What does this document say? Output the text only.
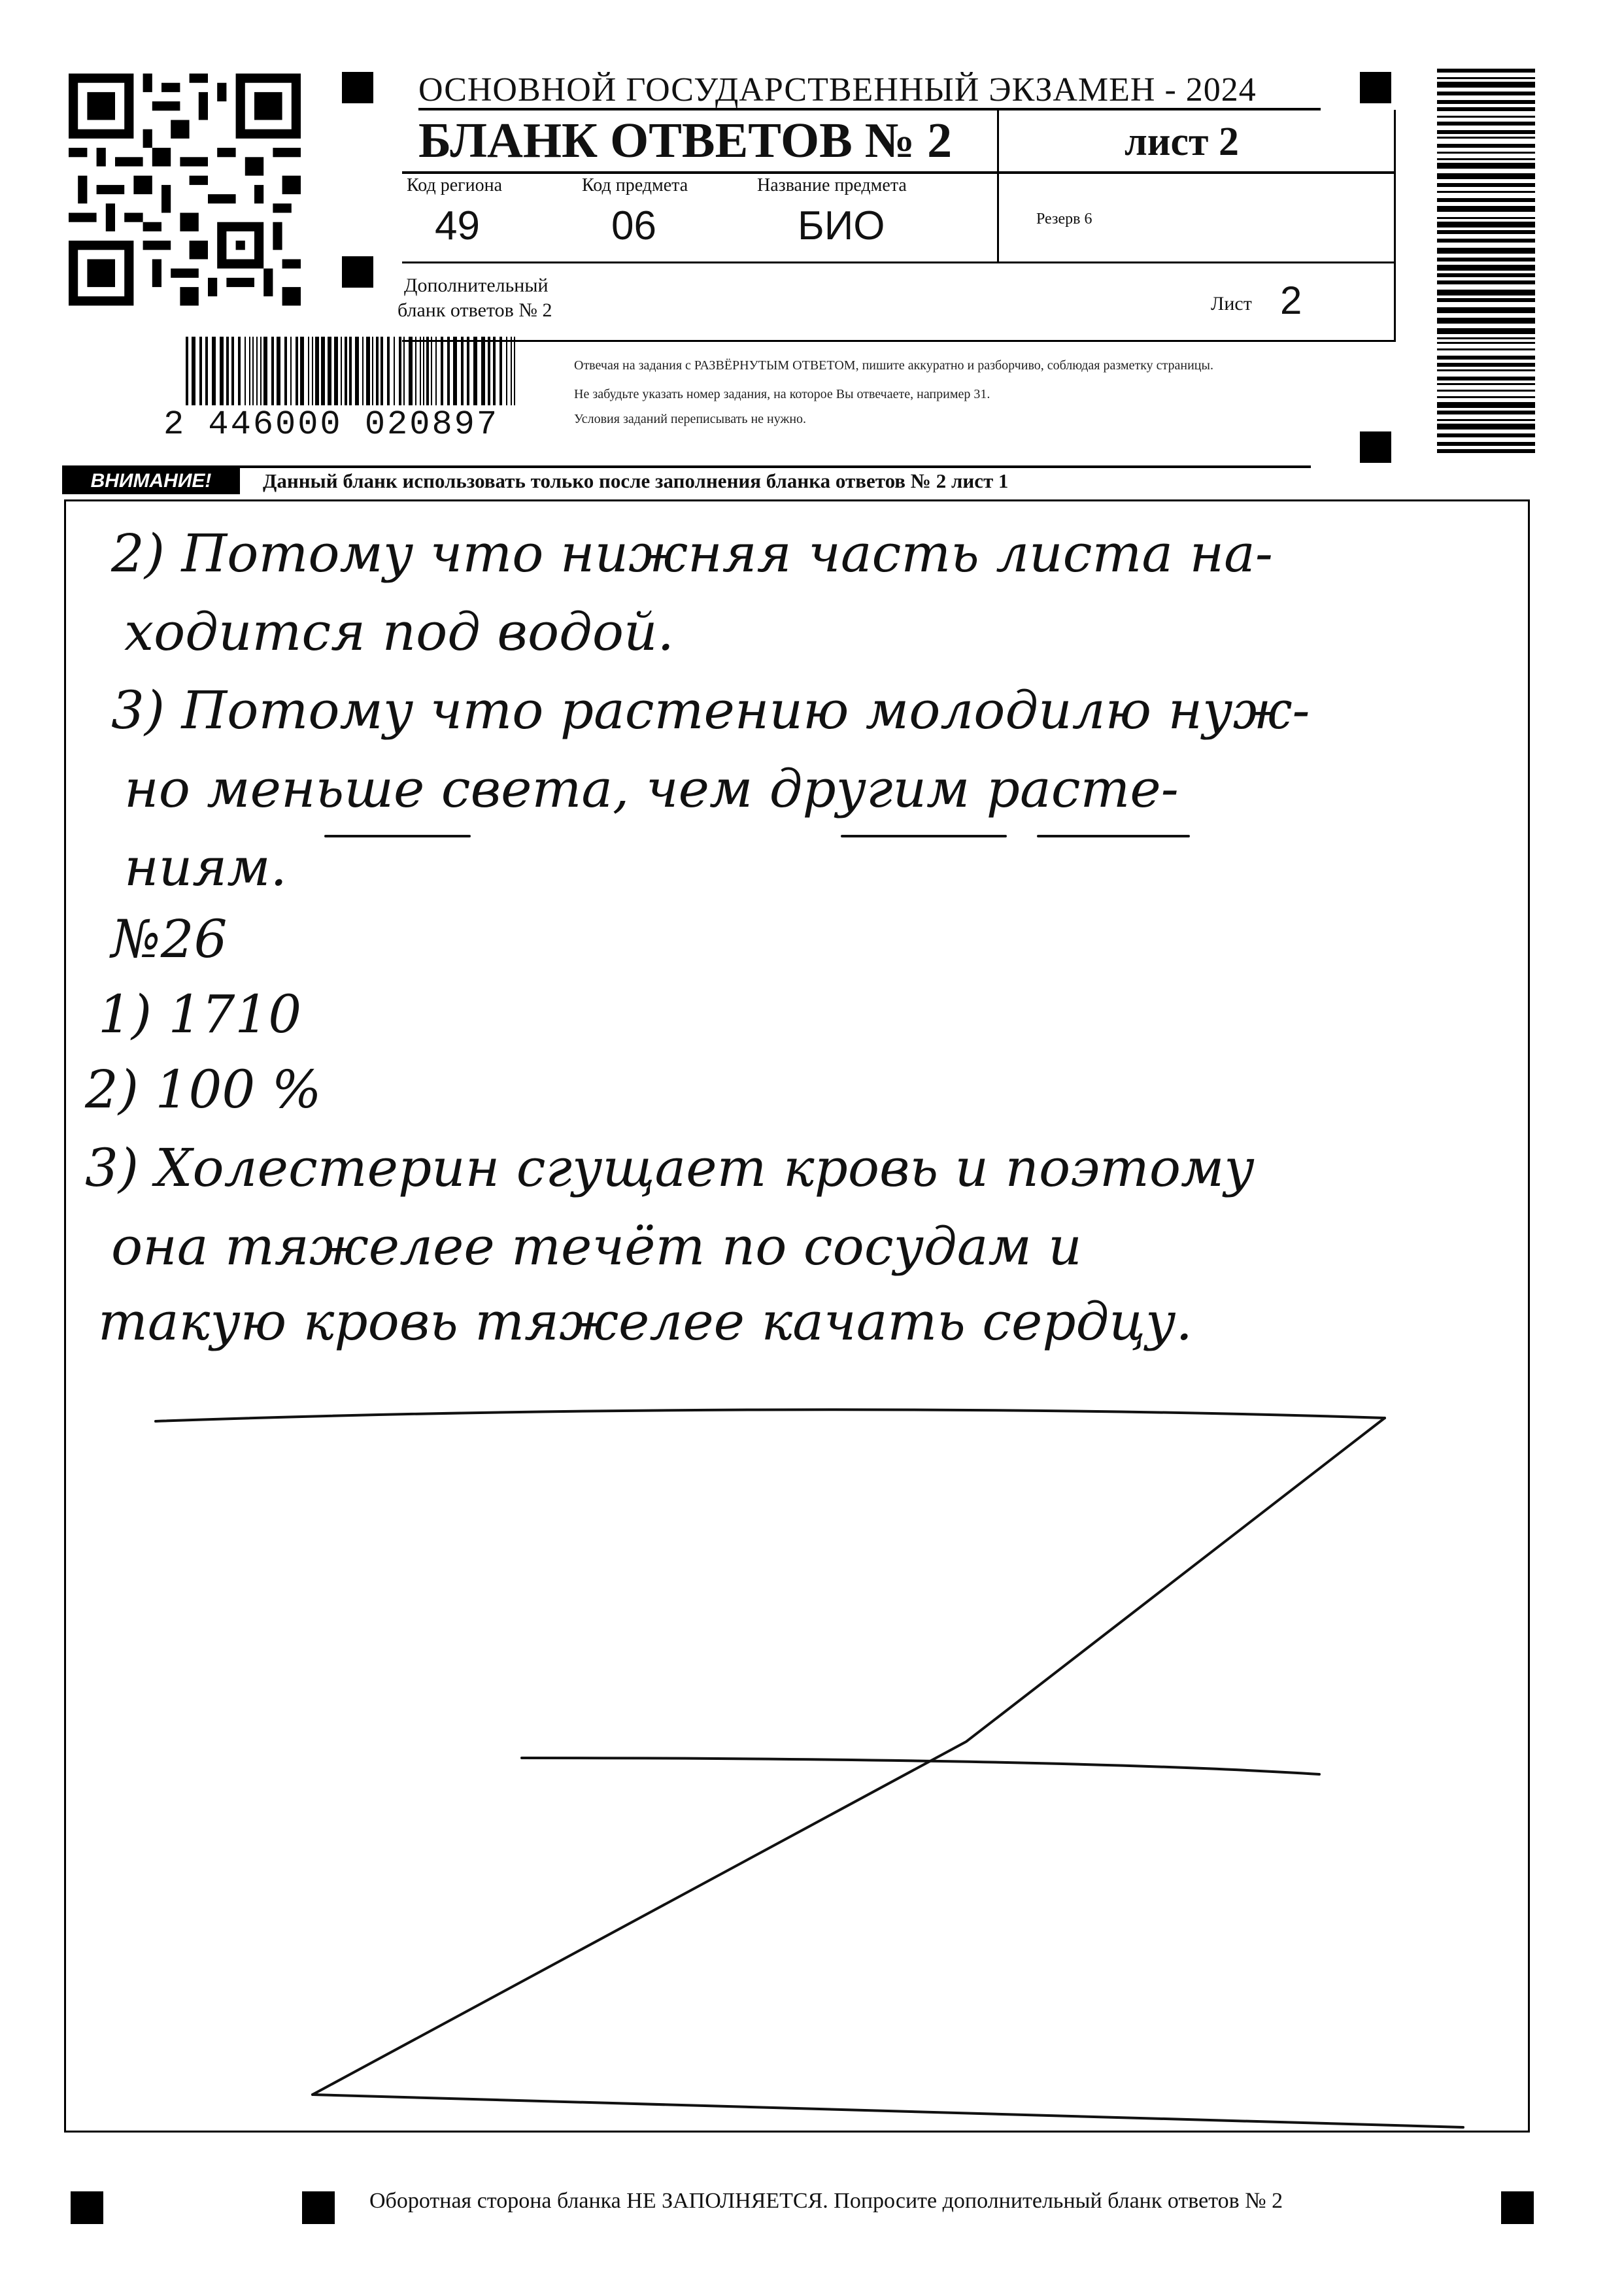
ОСНОВНОЙ ГОСУДАРСТВЕННЫЙ ЭКЗАМЕН - 2024
БЛАНК ОТВЕТОВ № 2	лист 2
Код региона
49
Код предмета
06
Название предмета
БИО	Резерв 6
Дополнительный
бланк ответов № 2	Лист 2
Отвечая на задания с РАЗВЁРНУТЫМ ОТВЕТОМ, пишите аккуратно и разборчиво, соблюдая разметку страницы.
Не забудьте указать номер задания, на которое Вы отвечаете, например 31.
Условия заданий переписывать не нужно.
2 446000 020897
ВНИМАНИЕ!	Данный бланк использовать только после заполнения бланка ответов № 2 лист 1
2) Потому что нижняя часть листа на-
ходится под водой.
3) Потому что растению молодилю нуж-
но меньше света, чем другим расте-
ниям.
№26
1) 1710
2) 100 %
3) Холестерин сгущает кровь и поэтому
она тяжелее течёт по сосудам и
такую кровь тяжелее качать сердцу.
Оборотная сторона бланка НЕ ЗАПОЛНЯЕТСЯ. Попросите дополнительный бланк ответов № 2
